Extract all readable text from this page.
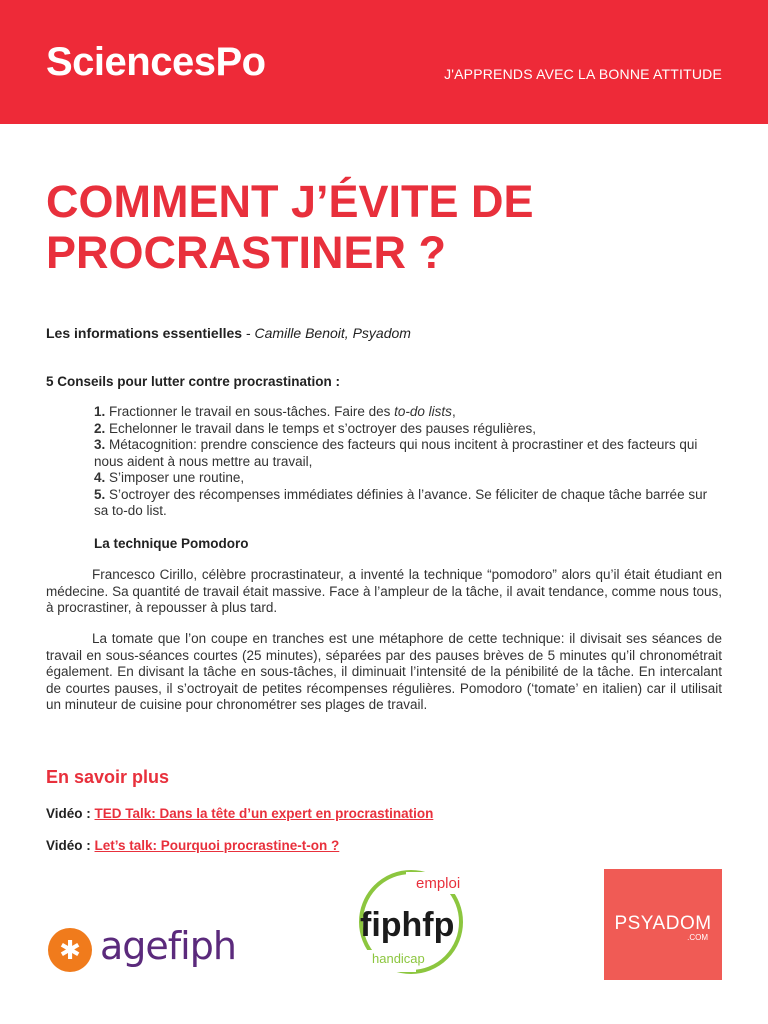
SciencesPo	J'APPRENDS AVEC LA BONNE ATTITUDE
COMMENT J’ÉVITE DE
PROCRASTINER ?
Les informations essentielles - Camille Benoit, Psyadom
5 Conseils pour lutter contre procrastination :
1. Fractionner le travail en sous-tâches. Faire des to-do lists,
2. Echelonner le travail dans le temps et s’octroyer des pauses régulières,
3. Métacognition: prendre conscience des facteurs qui nous incitent à procrastiner et des facteurs qui nous aident à nous mettre au travail,
4. S’imposer une routine,
5. S’octroyer des récompenses immédiates définies à l’avance. Se féliciter de chaque tâche barrée sur sa to-do list.
La technique Pomodoro

Francesco Cirillo, célèbre procrastinateur, a inventé la technique “pomodoro” alors qu’il était étudiant en médecine. Sa quantité de travail était massive. Face à l’ampleur de la tâche, il avait tendance, comme nous tous, à procrastiner, à repousser à plus tard.

La tomate que l’on coupe en tranches est une métaphore de cette technique: il divisait ses séances de travail en sous-séances courtes (25 minutes), séparées par des pauses brèves de 5 minutes qu’il chronométrait également. En divisant la tâche en sous-tâches, il diminuait l’intensité de la pénibilité de la tâche. En intercalant de courtes pauses, il s’octroyait de petites récompenses régulières. Pomodoro (‘tomate’ en italien) car il utilisait un minuteur de cuisine pour chronométrer ses plages de travail.

En savoir plus
Vidéo : TED Talk: Dans la tête d’un expert en procrastination
Vidéo : Let’s talk: Pourquoi procrastine-t-on ?
✱ agefiph
emploi
fiphfp
handicap
PSYADOM
.COM
